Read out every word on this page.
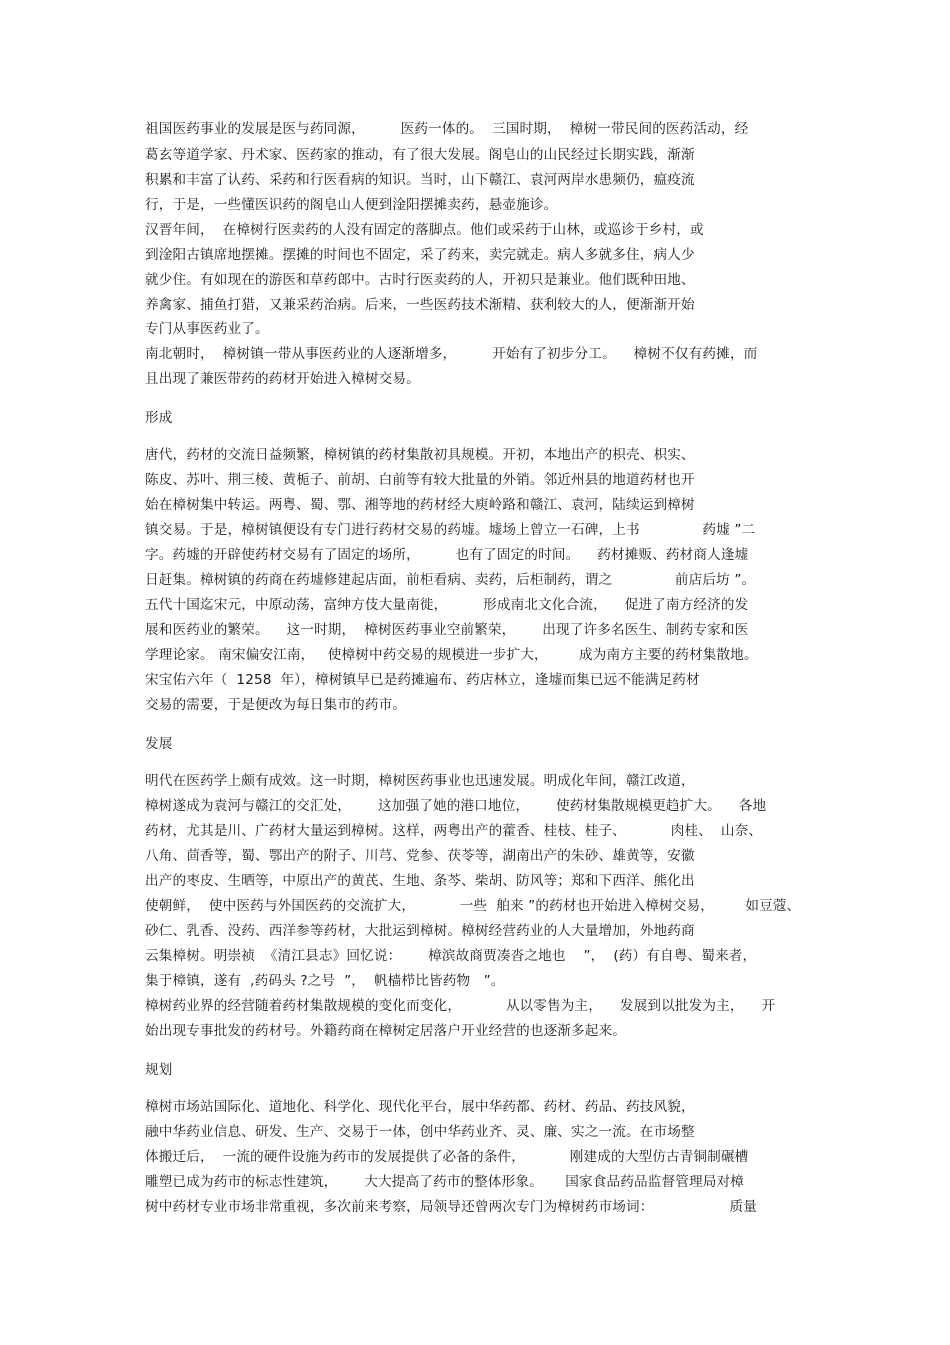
祖国医药事业的发展是医与药同源，        医药一体的。  三国时期，  樟树一带民间的医药活动，经
葛玄等道学家、丹术家、医药家的推动，有了很大发展。阁皂山的山民经过长期实践，渐渐
积累和丰富了认药、采药和行医看病的知识。当时，山下赣江、袁河两岸水患频仍，瘟疫流
行，于是，一些懂医识药的阁皂山人便到淦阳摆摊卖药，悬壶施诊。
汉晋年间，  在樟树行医卖药的人没有固定的落脚点。他们或采药于山林，或巡诊于乡村，或
到淦阳古镇席地摆摊。摆摊的时间也不固定，采了药来，卖完就走。病人多就多住，病人少
就少住。有如现在的游医和草药郎中。古时行医卖药的人，开初只是兼业。他们既种田地、
养禽家、捕鱼打猎，又兼采药治病。后来，一些医药技术渐精、获利较大的人，便渐渐开始
专门从事医药业了。
南北朝时，  樟树镇一带从事医药业的人逐渐增多，        开始有了初步分工。    樟树不仅有药摊，而
且出现了兼医带药的药材开始进入樟树交易。
形成
唐代，药材的交流日益频繁，樟树镇的药材集散初具规模。开初，本地出产的枳壳、枳实、
陈皮、苏叶、荆三棱、黄栀子、前胡、白前等有较大批量的外销。邻近州县的地道药材也开
始在樟树集中转运。两粤、蜀、鄂、湘等地的药材经大庾岭路和赣江、袁河，陆续运到樟树
镇交易。于是，樟树镇便设有专门进行药材交易的药墟。墟场上曾立一石碑，上书              药墟 ”二
字。药墟的开辟使药材交易有了固定的场所，        也有了固定的时间。    药材摊贩、药材商人逢墟
日赶集。樟树镇的药商在药墟修建起店面，前柜看病、卖药，后柜制药，谓之              前店后坊 ”。
五代十国迄宋元，中原动荡，富绅方伎大量南徙，        形成南北文化合流，    促进了南方经济的发
展和医药业的繁荣。    这一时期，  樟树医药事业空前繁荣，      出现了许多名医生、制药专家和医
学理论家。 南宋偏安江南，   使樟树中药交易的规模进一步扩大，       成为南方主要的药材集散地。
宋宝佑六年（  1258  年），樟树镇早已是药摊遍布、药店林立，逢墟而集已远不能满足药材
交易的需要，于是便改为每日集市的药市。
发展
明代在医药学上颇有成效。这一时期，樟树医药事业也迅速发展。明成化年间，赣江改道，
樟树遂成为袁河与赣江的交汇处，      这加强了她的港口地位，      使药材集散规模更趋扩大。    各地
药材，尤其是川、广药材大量运到樟树。这样，两粤出产的藿香、桂枝、桂子、          肉桂、  山奈、
八角、茴香等，蜀、鄂出产的附子、川芎、党参、茯苓等，湖南出产的朱砂、雄黄等，安徽
出产的枣皮、生晒等，中原出产的黄芪、生地、条芩、柴胡、防风等；郑和下西洋、熊化出
使朝鲜，  使中医药与外国医药的交流扩大，          一些  舶来 ”的药材也开始进入樟树交易，       如豆蔻、
砂仁、乳香、没药、西洋参等药材，大批运到樟树。樟树经营药业的人大量增加，外地药商
云集樟树。明崇祯  《清江县志》回忆说：      樟滨故商贾凑沓之地也    ”，  (药）有自粤、蜀来者，
集于樟镇，遂有  ,药码头 ?之号  ”，  帆樯栉比皆药物   ”。
樟树药业界的经营随着药材集散规模的变化而变化，          从以零售为主，    发展到以批发为主，    开
始出现专事批发的药材号。外籍药商在樟树定居落户开业经营的也逐渐多起来。
规划
樟树市场站国际化、道地化、科学化、现代化平台，展中华药都、药材、药品、药技风貌，
融中华药业信息、研发、生产、交易于一体，创中华药业齐、灵、廉、实之一流。在市场整
体搬迁后，  一流的硬件设施为药市的发展提供了必备的条件，          刚建成的大型仿古青铜制碾槽
雕塑已成为药市的标志性建筑，      大大提高了药市的整体形象。     国家食品药品监督管理局对樟
树中药材专业市场非常重视，多次前来考察，局领导还曾两次专门为樟树药市场词：                 质量
